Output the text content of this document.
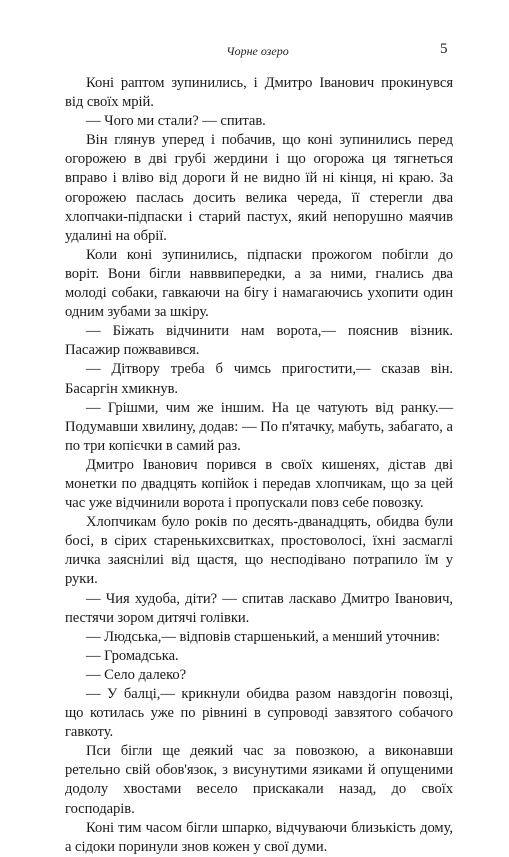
Чорне озеро	5

Коні раптом зупинились, і Дмитро Іванович прокинувся від своїх мрій.

— Чого ми стали? — спитав.

Він глянув уперед і побачив, що коні зупинились перед огорожею в дві грубі жердини і що огорожа ця тягнеться вправо і вліво від дороги й не видно їй ні кінця, ні краю. За огорожею паслась досить велика череда, її стерегли два хлопчаки-підпаски і старий пастух, який непорушно маячив удалині на обрії.

Коли коні зупинились, підпаски прожогом побігли до воріт. Вони бігли навввипередки, а за ними, гнались два молоді собаки, гавкаючи на бігу і намагаючись ухопити один одним зубами за шкіру.

— Біжать відчинити нам ворота,— пояснив візник. Пасажир пожвавився.

— Дітвору треба б чимсь пригостити,— сказав він. Басаргін хмикнув.

— Грішми, чим же іншим. На це чатують від ранку.— Подумавши хвилину, додав: — По п'ятачку, мабуть, забагато, а по три копієчки в самий раз.

Дмитро Іванович порився в своїх кишенях, дістав дві монетки по двадцять копійок і передав хлопчикам, що за цей час уже відчинили ворота і пропускали повз себе повозку.

Хлопчикам було років по десять-дванадцять, обидва були босі, в сірих старенькихсвитках, простоволосі, їхні засмаглі личка заяснілиі від щастя, що несподівано потрапило їм у руки.

— Чия худоба, діти? — спитав ласкаво Дмитро Іванович, пестячи зором дитячі голівки.

— Людська,— відповів старшенький, а менший уточнив:

— Громадська.

— Село далеко?

— У балці,— крикнули обидва разом навздогін повозці, що котилась уже по рівнині в супроводі завзятого собачого гавкоту.

Пси бігли ще деякий час за повозкою, а виконавши ретельно свій обов'язок, з висунутими язиками й опущеними додолу хвостами весело прискакали назад, до своїх господарів.

Коні тим часом бігли шпарко, відчуваючи близькість дому, а сідоки поринули знов кожен у свої думи.
